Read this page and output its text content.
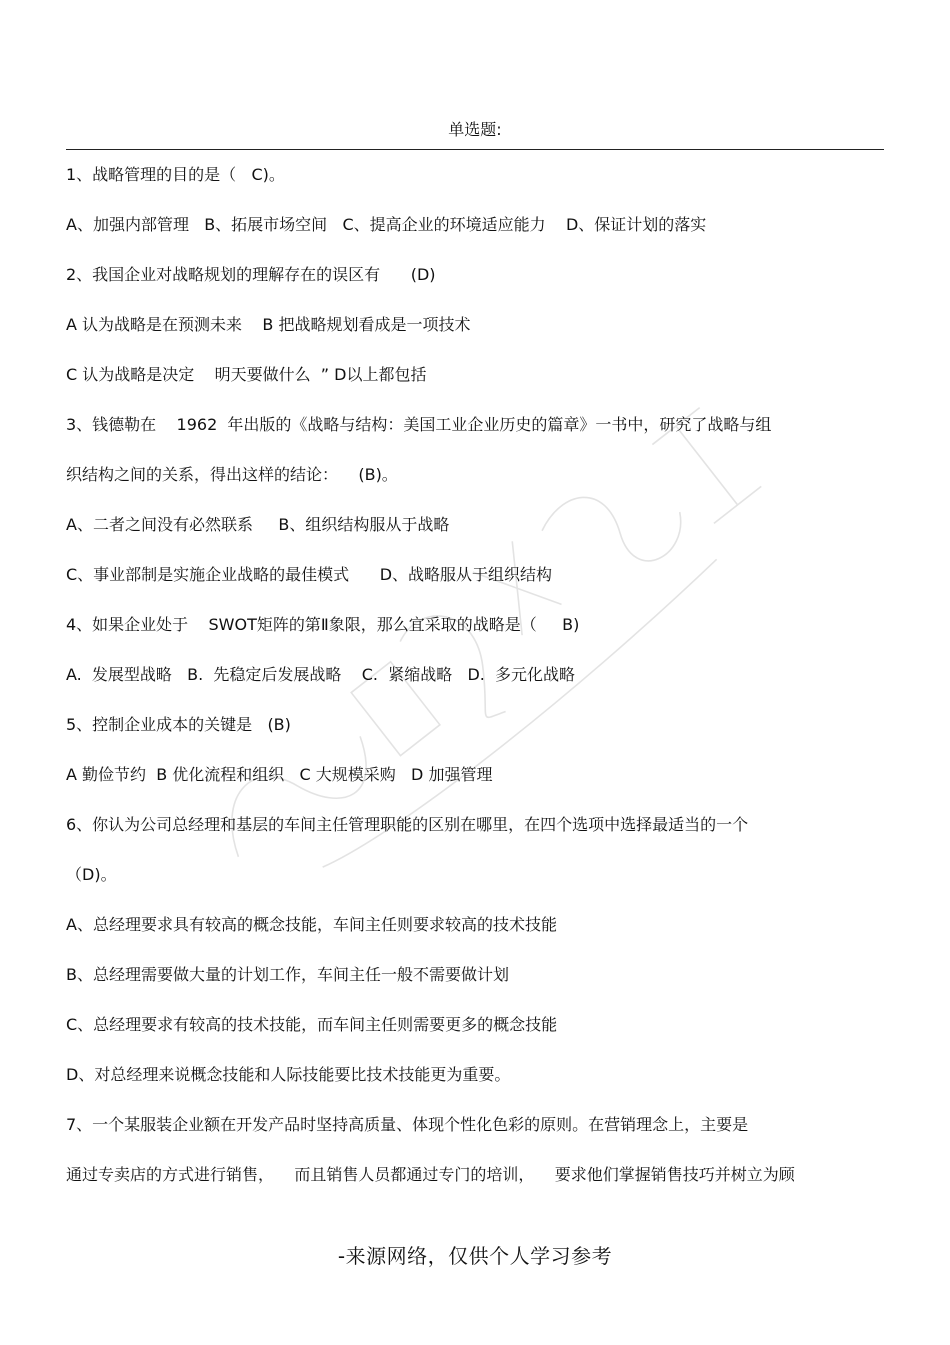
单选题:
1、战略管理的目的是（   C)。
A、加强内部管理   B、拓展市场空间   C、提高企业的环境适应能力    D、保证计划的落实
2、我国企业对战略规划的理解存在的误区有      (D)
A 认为战略是在预测未来    B 把战略规划看成是一项技术
C 认为战略是决定    明天要做什么  ” D以上都包括
3、钱德勒在    1962  年出版的《战略与结构：美国工业企业历史的篇章》一书中，研究了战略与组
织结构之间的关系，得出这样的结论：    (B)。
A、二者之间没有必然联系     B、组织结构服从于战略
C、事业部制是实施企业战略的最佳模式      D、战略服从于组织结构
4、如果企业处于    SWOT矩阵的第Ⅱ象限，那么宜采取的战略是（     B)
A.  发展型战略   B.  先稳定后发展战略    C.  紧缩战略   D.  多元化战略
5、控制企业成本的关键是   (B)
A 勤俭节约  B 优化流程和组织   C 大规模采购   D 加强管理
6、你认为公司总经理和基层的车间主任管理职能的区别在哪里，在四个选项中选择最适当的一个
（D)。
A、总经理要求具有较高的概念技能，车间主任则要求较高的技术技能
B、总经理需要做大量的计划工作，车间主任一般不需要做计划
C、总经理要求有较高的技术技能，而车间主任则需要更多的概念技能
D、对总经理来说概念技能和人际技能要比技术技能更为重要。
7、一个某服装企业额在开发产品时坚持高质量、体现个性化色彩的原则。在营销理念上，主要是
通过专卖店的方式进行销售，    而且销售人员都通过专门的培训，    要求他们掌握销售技巧并树立为顾
-来源网络，仅供个人学习参考
